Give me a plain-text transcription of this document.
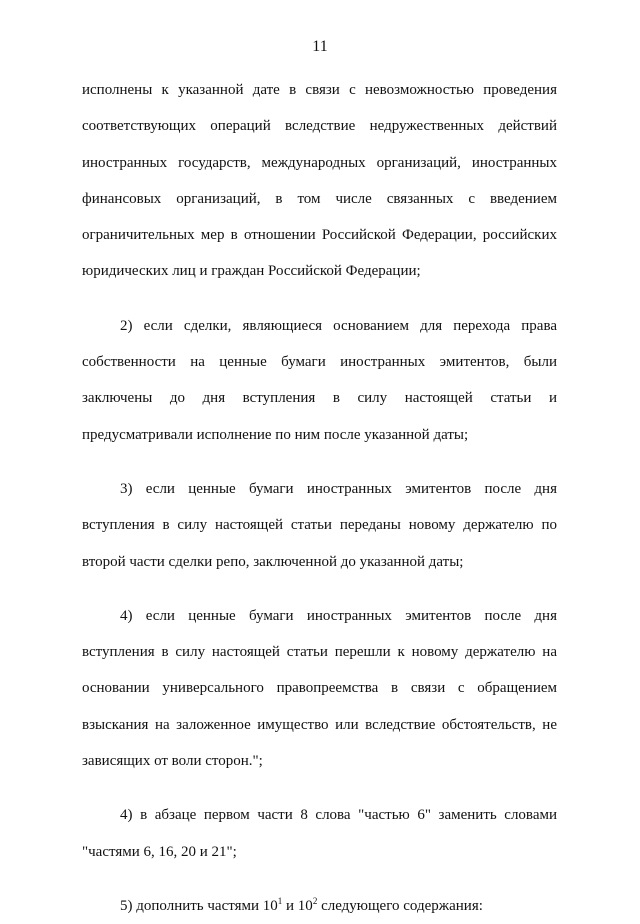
11

исполнены к указанной дате в связи с невозможностью проведения соответствующих операций вследствие недружественных действий иностранных государств, международных организаций, иностранных финансовых организаций, в том числе связанных с введением ограничительных мер в отношении Российской Федерации, российских юридических лиц и граждан Российской Федерации;

2) если сделки, являющиеся основанием для перехода права собственности на ценные бумаги иностранных эмитентов, были заключены до дня вступления в силу настоящей статьи и предусматривали исполнение по ним после указанной даты;

3) если ценные бумаги иностранных эмитентов после дня вступления в силу настоящей статьи переданы новому держателю по второй части сделки репо, заключенной до указанной даты;

4) если ценные бумаги иностранных эмитентов после дня вступления в силу настоящей статьи перешли к новому держателю на основании универсального правопреемства в связи с обращением взыскания на заложенное имущество или вследствие обстоятельств, не зависящих от воли сторон.";

4) в абзаце первом части 8 слова "частью 6" заменить словами "частями 6, 16, 20 и 21";

5) дополнить частями $10^1$ и $10^2$ следующего содержания:
